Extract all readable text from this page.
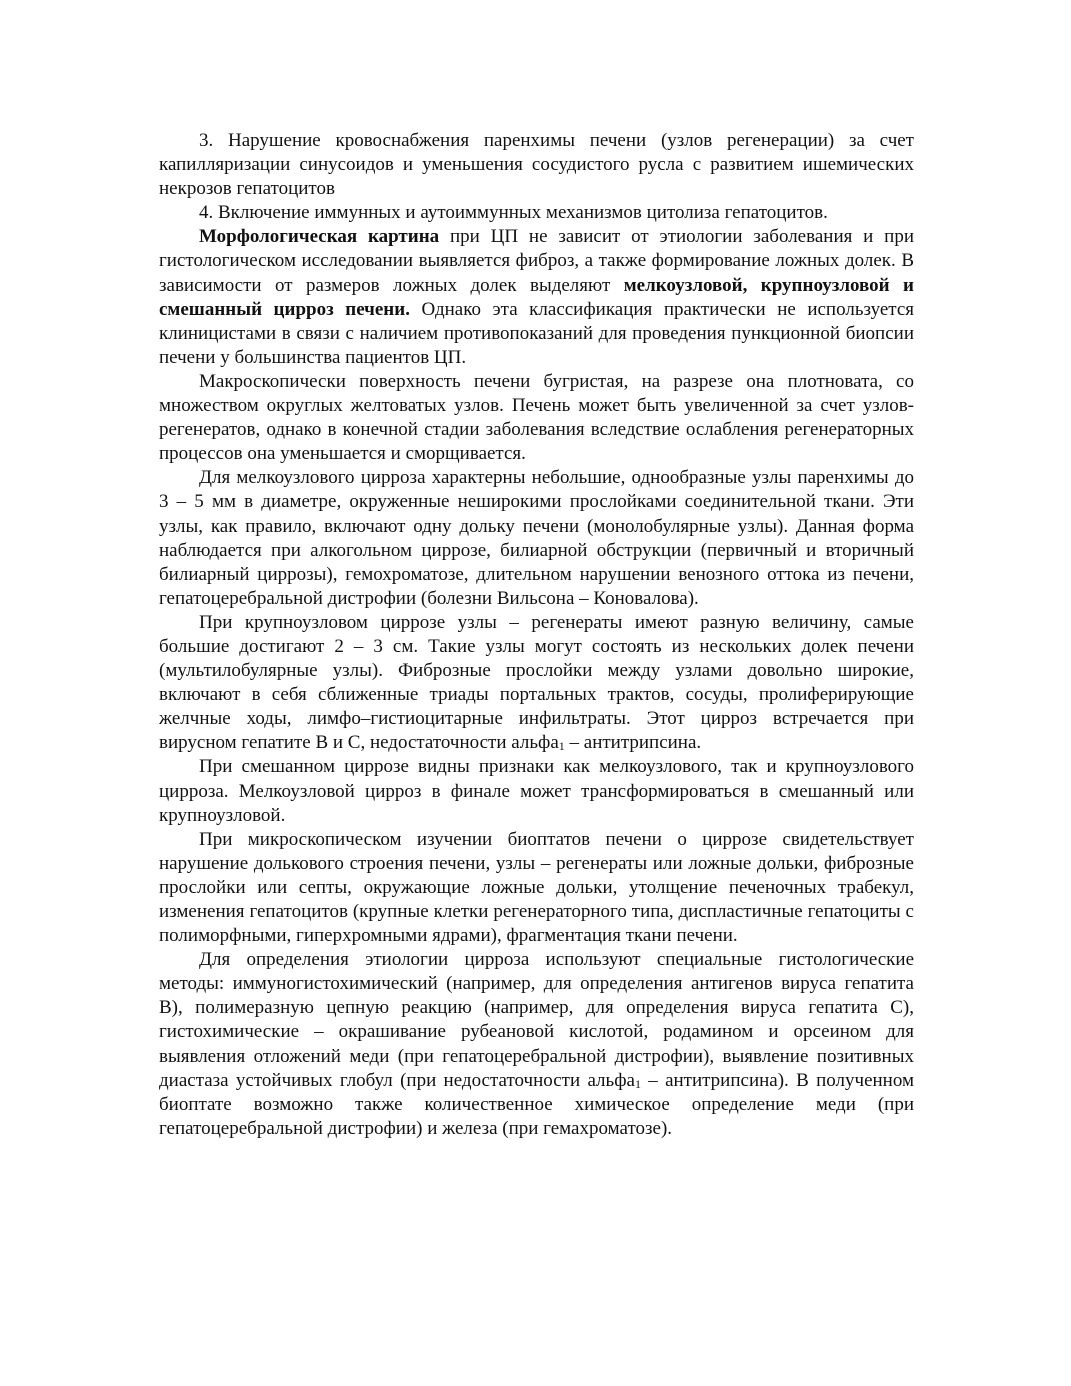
3. Нарушение кровоснабжения паренхимы печени (узлов регенерации) за счет капилляризации синусоидов и уменьшения сосудистого русла с развитием ишемических некрозов гепатоцитов

4. Включение иммунных и аутоиммунных механизмов цитолиза гепатоцитов.

Морфологическая картина при ЦП не зависит от этиологии заболевания и при гистологическом исследовании выявляется фиброз, а также формирование ложных долек. В зависимости от размеров ложных долек выделяют мелкоузловой, крупноузловой и смешанный цирроз печени. Однако эта классификация практически не используется клиницистами в связи с наличием противопоказаний для проведения пункционной биопсии печени у большинства пациентов ЦП.

Макроскопически поверхность печени бугристая, на разрезе она плотновата, со множеством округлых желтоватых узлов. Печень может быть увеличенной за счет узлов-регенератов, однако в конечной стадии заболевания вследствие ослабления регенераторных процессов она уменьшается и сморщивается.

Для мелкоузлового цирроза характерны небольшие, однообразные узлы паренхимы до 3 – 5 мм в диаметре, окруженные неширокими прослойками соединительной ткани. Эти узлы, как правило, включают одну дольку печени (монолобулярные узлы). Данная форма наблюдается при алкогольном циррозе, билиарной обструкции (первичный и вторичный билиарный циррозы), гемохроматозе, длительном нарушении венозного оттока из печени, гепатоцеребральной дистрофии (болезни Вильсона – Коновалова).

При крупноузловом циррозе узлы – регенераты имеют разную величину, самые большие достигают 2 – 3 см. Такие узлы могут состоять из нескольких долек печени (мультилобулярные узлы). Фиброзные прослойки между узлами довольно широкие, включают в себя сближенные триады портальных трактов, сосуды, пролиферирующие желчные ходы, лимфо–гистиоцитарные инфильтраты. Этот цирроз встречается при вирусном гепатите В и С, недостаточности альфа$_1$ – антитрипсина.

При смешанном циррозе видны признаки как мелкоузлового, так и крупноузлового цирроза. Мелкоузловой цирроз в финале может трансформироваться в смешанный или крупноузловой.

При микроскопическом изучении биоптатов печени о циррозе свидетельствует нарушение долькового строения печени, узлы – регенераты или ложные дольки, фиброзные прослойки или септы, окружающие ложные дольки, утолщение печеночных трабекул, изменения гепатоцитов (крупные клетки регенераторного типа, диспластичные гепатоциты с полиморфными, гиперхромными ядрами), фрагментация ткани печени.

Для определения этиологии цирроза используют специальные гистологические методы: иммуногистохимический (например, для определения антигенов вируса гепатита В), полимеразную цепную реакцию (например, для определения вируса гепатита С), гистохимические – окрашивание рубеановой кислотой, родамином и орсеином для выявления отложений меди (при гепатоцеребральной дистрофии), выявление позитивных диастаза устойчивых глобул (при недостаточности альфа$_1$ – антитрипсина). В полученном биоптате возможно также количественное химическое определение меди (при гепатоцеребральной дистрофии) и железа (при гемахроматозе).
